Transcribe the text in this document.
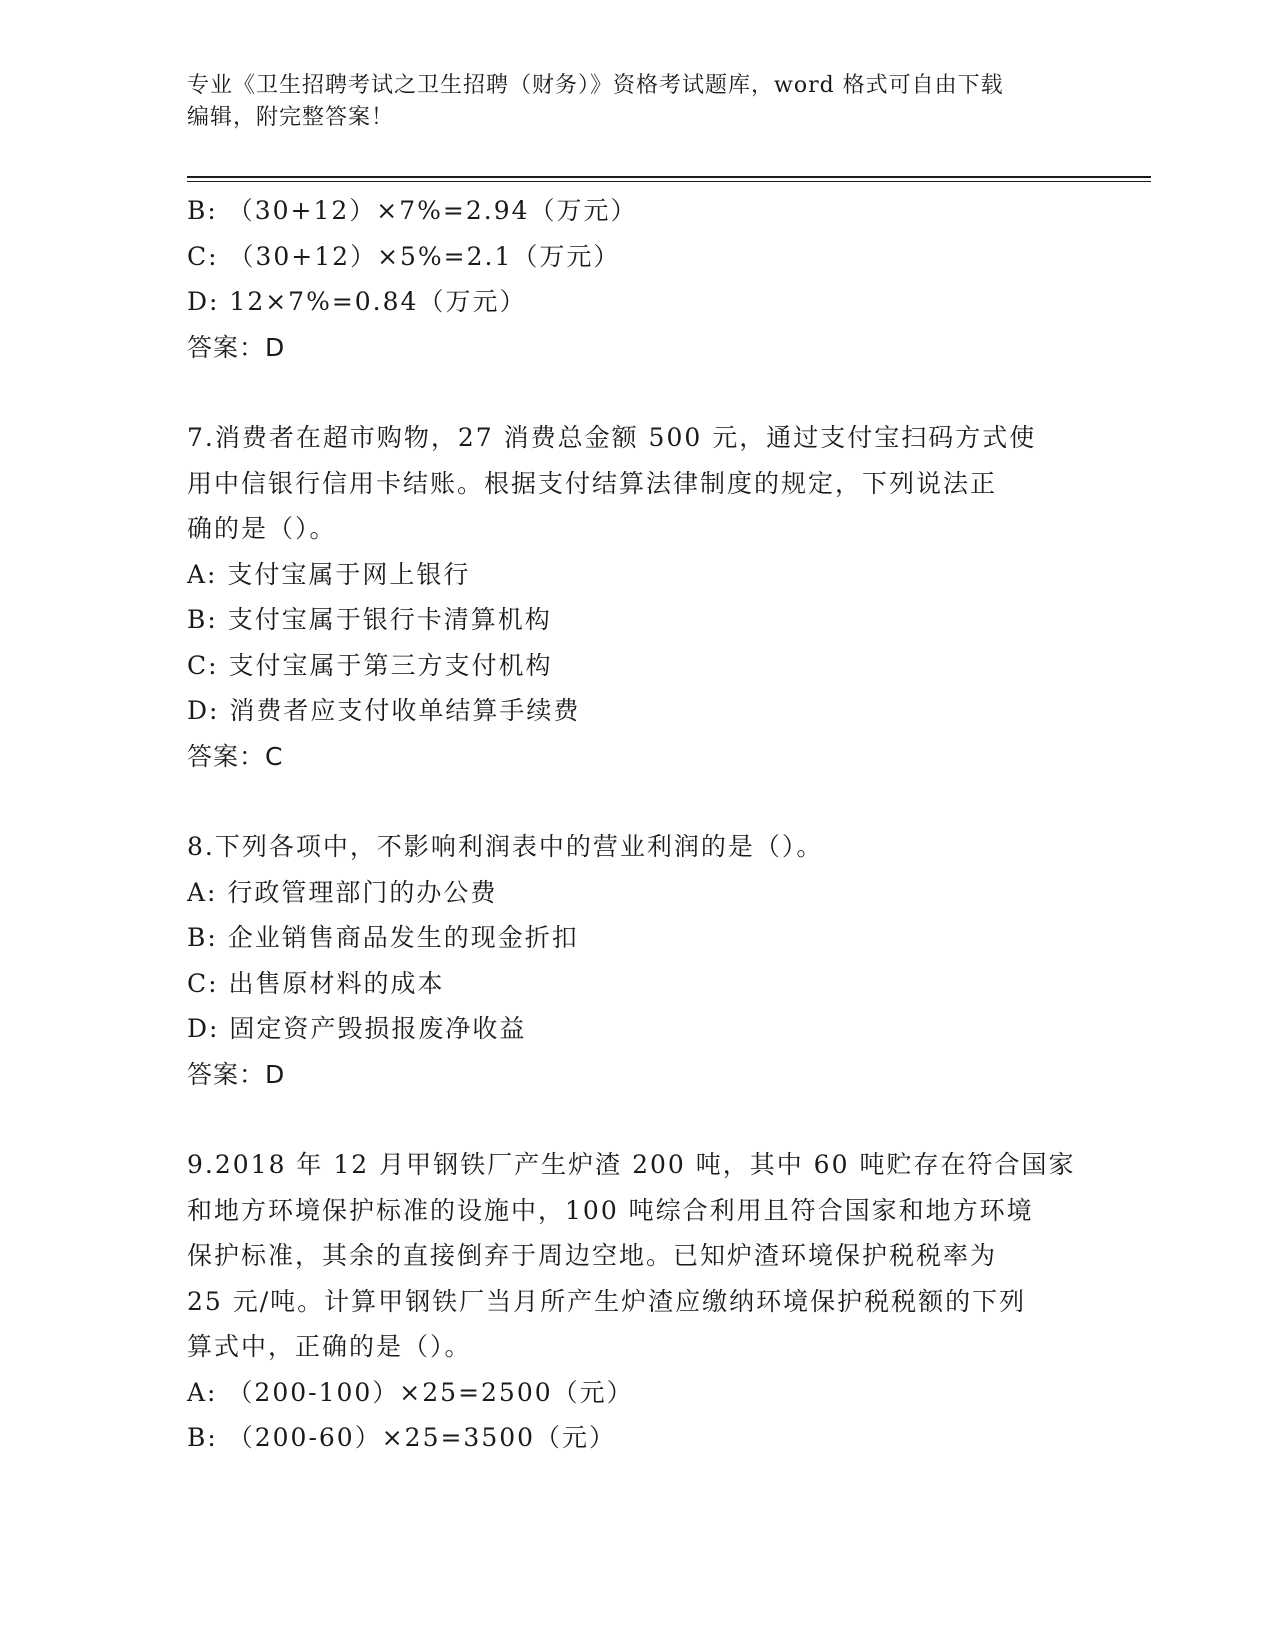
专业《卫生招聘考试之卫生招聘（财务）》资格考试题库，word 格式可自由下载
编辑，附完整答案！
B: （30+12）×7%=2.94（万元）
C: （30+12）×5%=2.1（万元）
D: 12×7%=0.84（万元）
答案：D
7.消费者在超市购物，27 消费总金额 500 元，通过支付宝扫码方式使
用中信银行信用卡结账。根据支付结算法律制度的规定，下列说法正
确的是（）。
A: 支付宝属于网上银行
B: 支付宝属于银行卡清算机构
C: 支付宝属于第三方支付机构
D: 消费者应支付收单结算手续费
答案：C
8.下列各项中，不影响利润表中的营业利润的是（）。
A: 行政管理部门的办公费
B: 企业销售商品发生的现金折扣
C: 出售原材料的成本
D: 固定资产毁损报废净收益
答案：D
9.2018 年 12 月甲钢铁厂产生炉渣 200 吨，其中 60 吨贮存在符合国家
和地方环境保护标准的设施中，100 吨综合利用且符合国家和地方环境
保护标准，其余的直接倒弃于周边空地。已知炉渣环境保护税税率为
25 元/吨。计算甲钢铁厂当月所产生炉渣应缴纳环境保护税税额的下列
算式中，正确的是（）。
A: （200-100）×25=2500（元）
B: （200-60）×25=3500（元）
